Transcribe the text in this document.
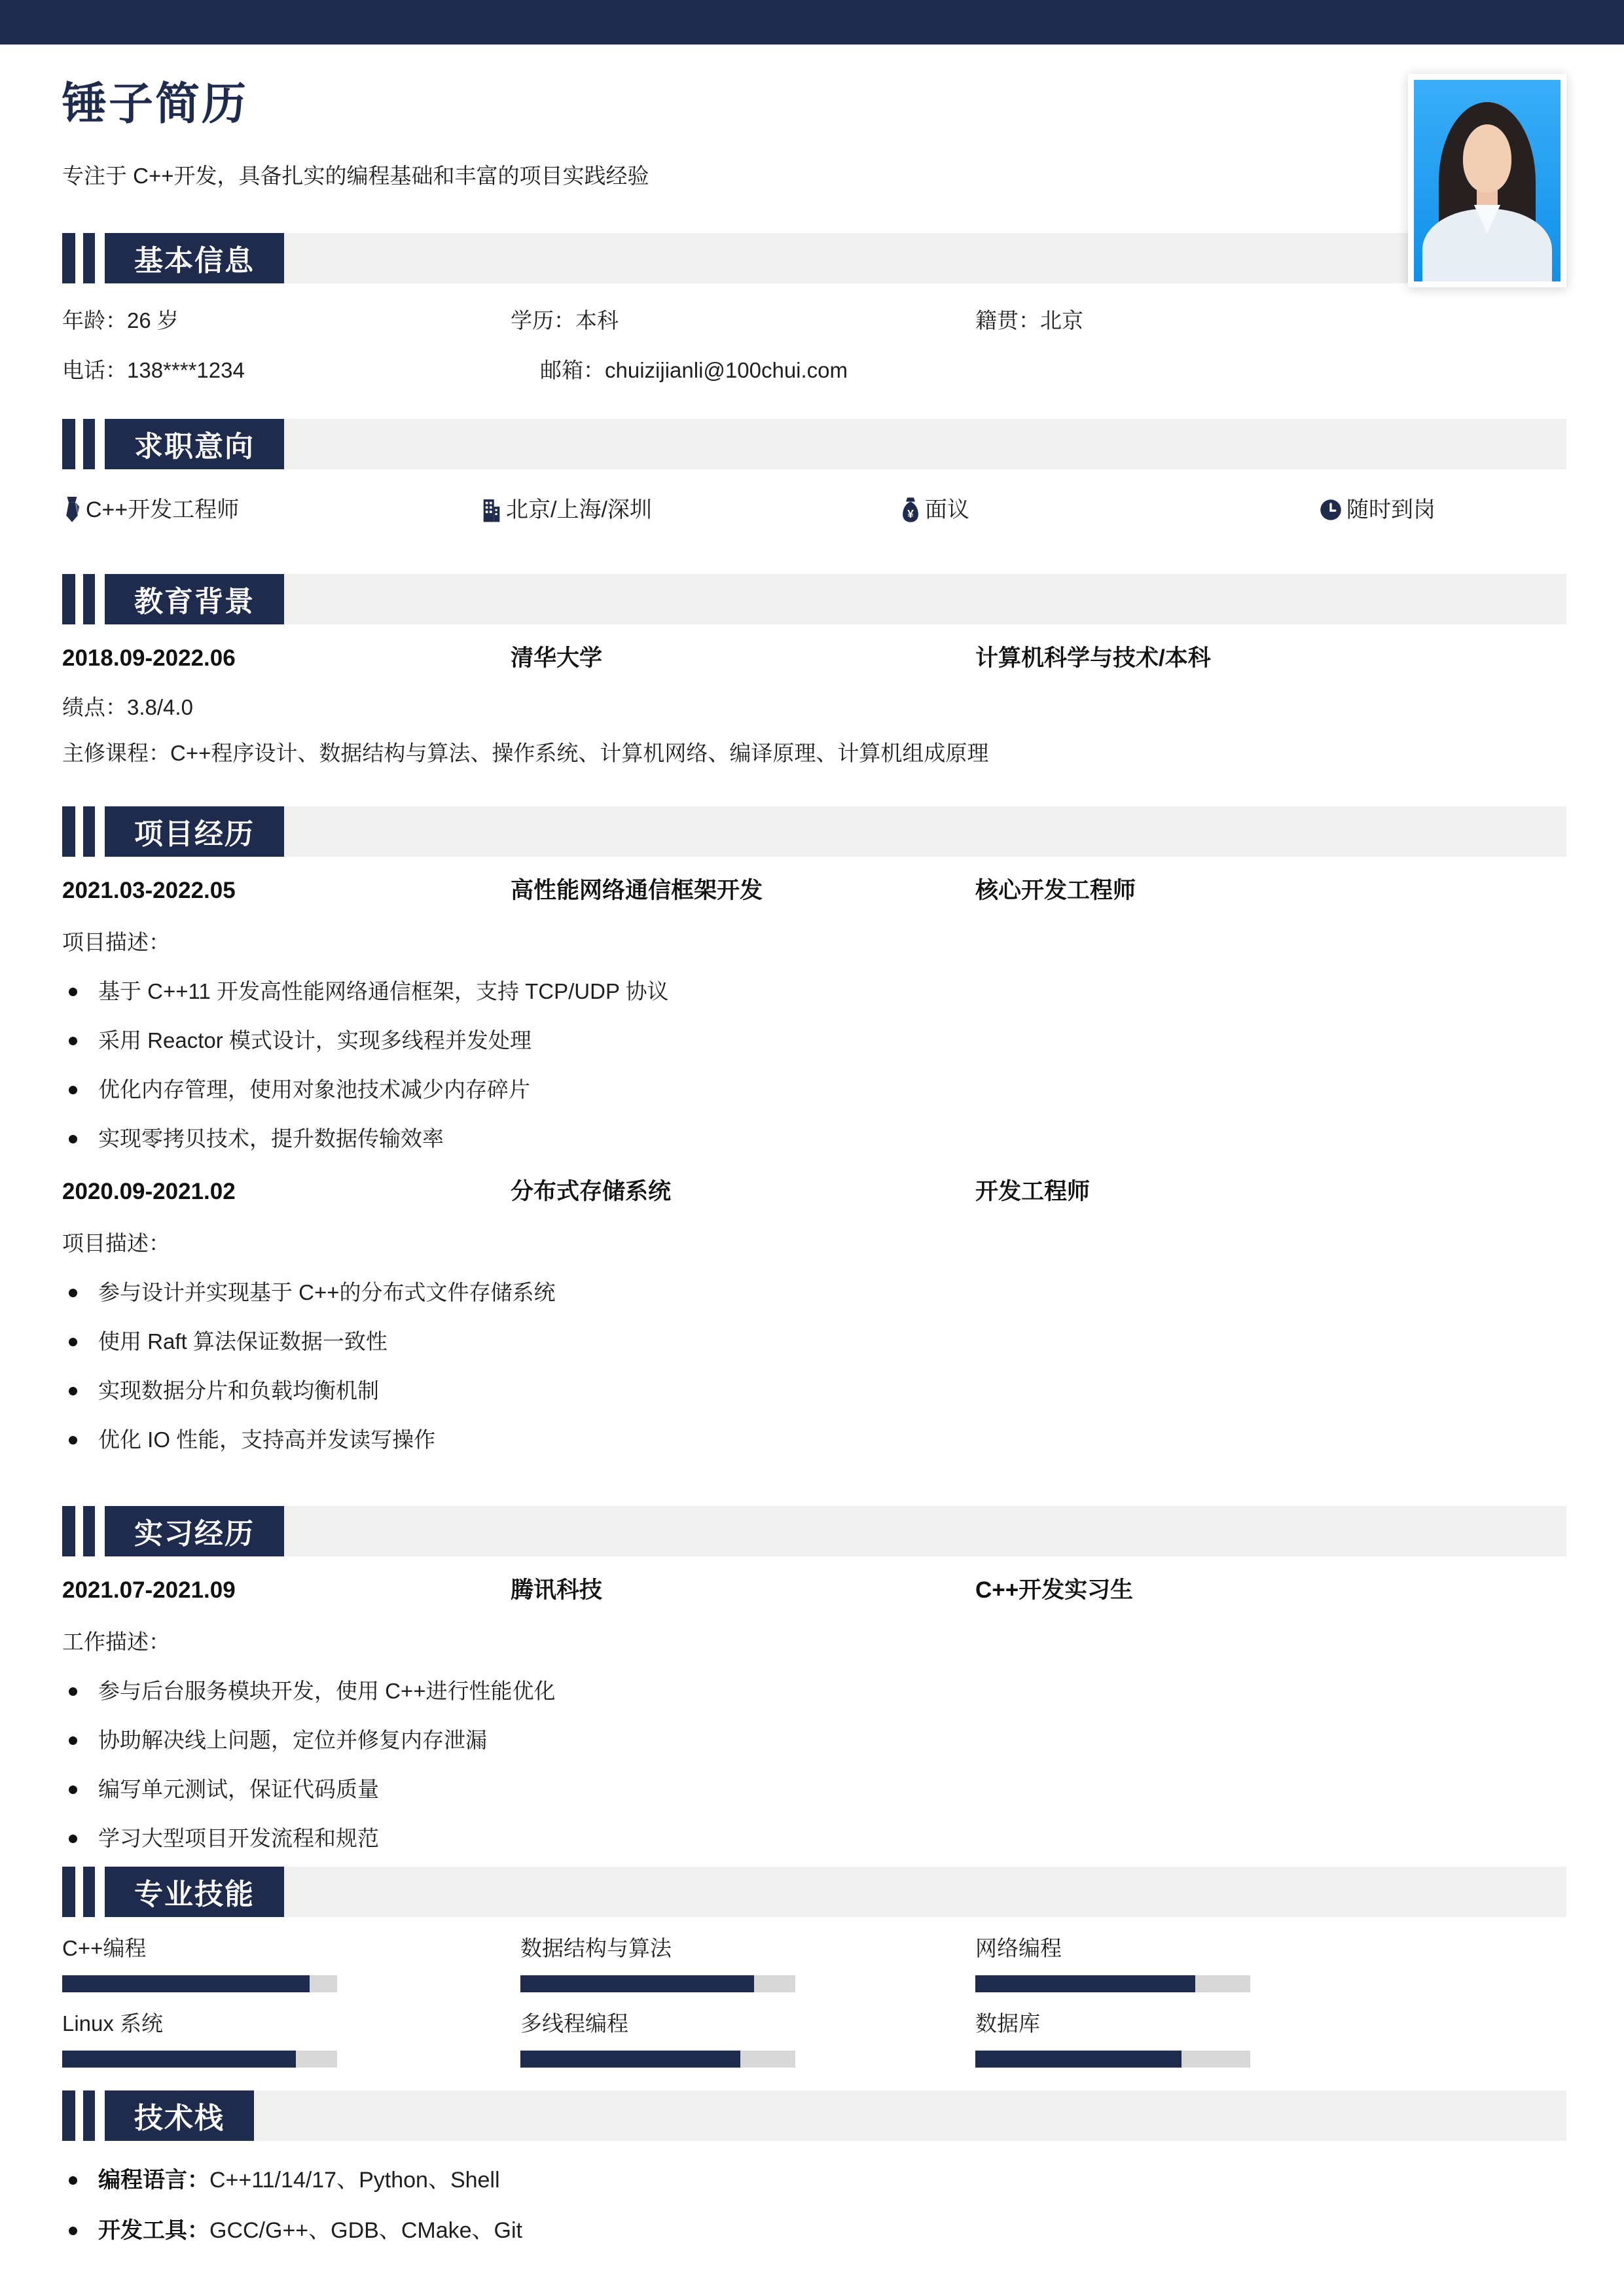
锤子简历
专注于 C++开发，具备扎实的编程基础和丰富的项目实践经验
基本信息
年龄：26 岁	学历：本科	籍贯：北京
电话：138****1234	邮箱：chuizijianli@100chui.com
求职意向
C++开发工程师	北京/上海/深圳	¥ 面议	随时到岗
教育背景
2018.09-2022.06	清华大学	计算机科学与技术/本科
绩点：3.8/4.0
主修课程：C++程序设计、数据结构与算法、操作系统、计算机网络、编译原理、计算机组成原理
项目经历
2021.03-2022.05	高性能网络通信框架开发	核心开发工程师
项目描述：
基于 C++11 开发高性能网络通信框架，支持 TCP/UDP 协议
采用 Reactor 模式设计，实现多线程并发处理
优化内存管理，使用对象池技术减少内存碎片
实现零拷贝技术，提升数据传输效率
2020.09-2021.02	分布式存储系统	开发工程师
项目描述：
参与设计并实现基于 C++的分布式文件存储系统
使用 Raft 算法保证数据一致性
实现数据分片和负载均衡机制
优化 IO 性能，支持高并发读写操作
实习经历
2021.07-2021.09	腾讯科技	C++开发实习生
工作描述：
参与后台服务模块开发，使用 C++进行性能优化
协助解决线上问题，定位并修复内存泄漏
编写单元测试，保证代码质量
学习大型项目开发流程和规范
专业技能
C++编程	数据结构与算法	网络编程
Linux 系统	多线程编程	数据库
技术栈
编程语言：C++11/14/17、Python、Shell
开发工具：GCC/G++、GDB、CMake、Git
